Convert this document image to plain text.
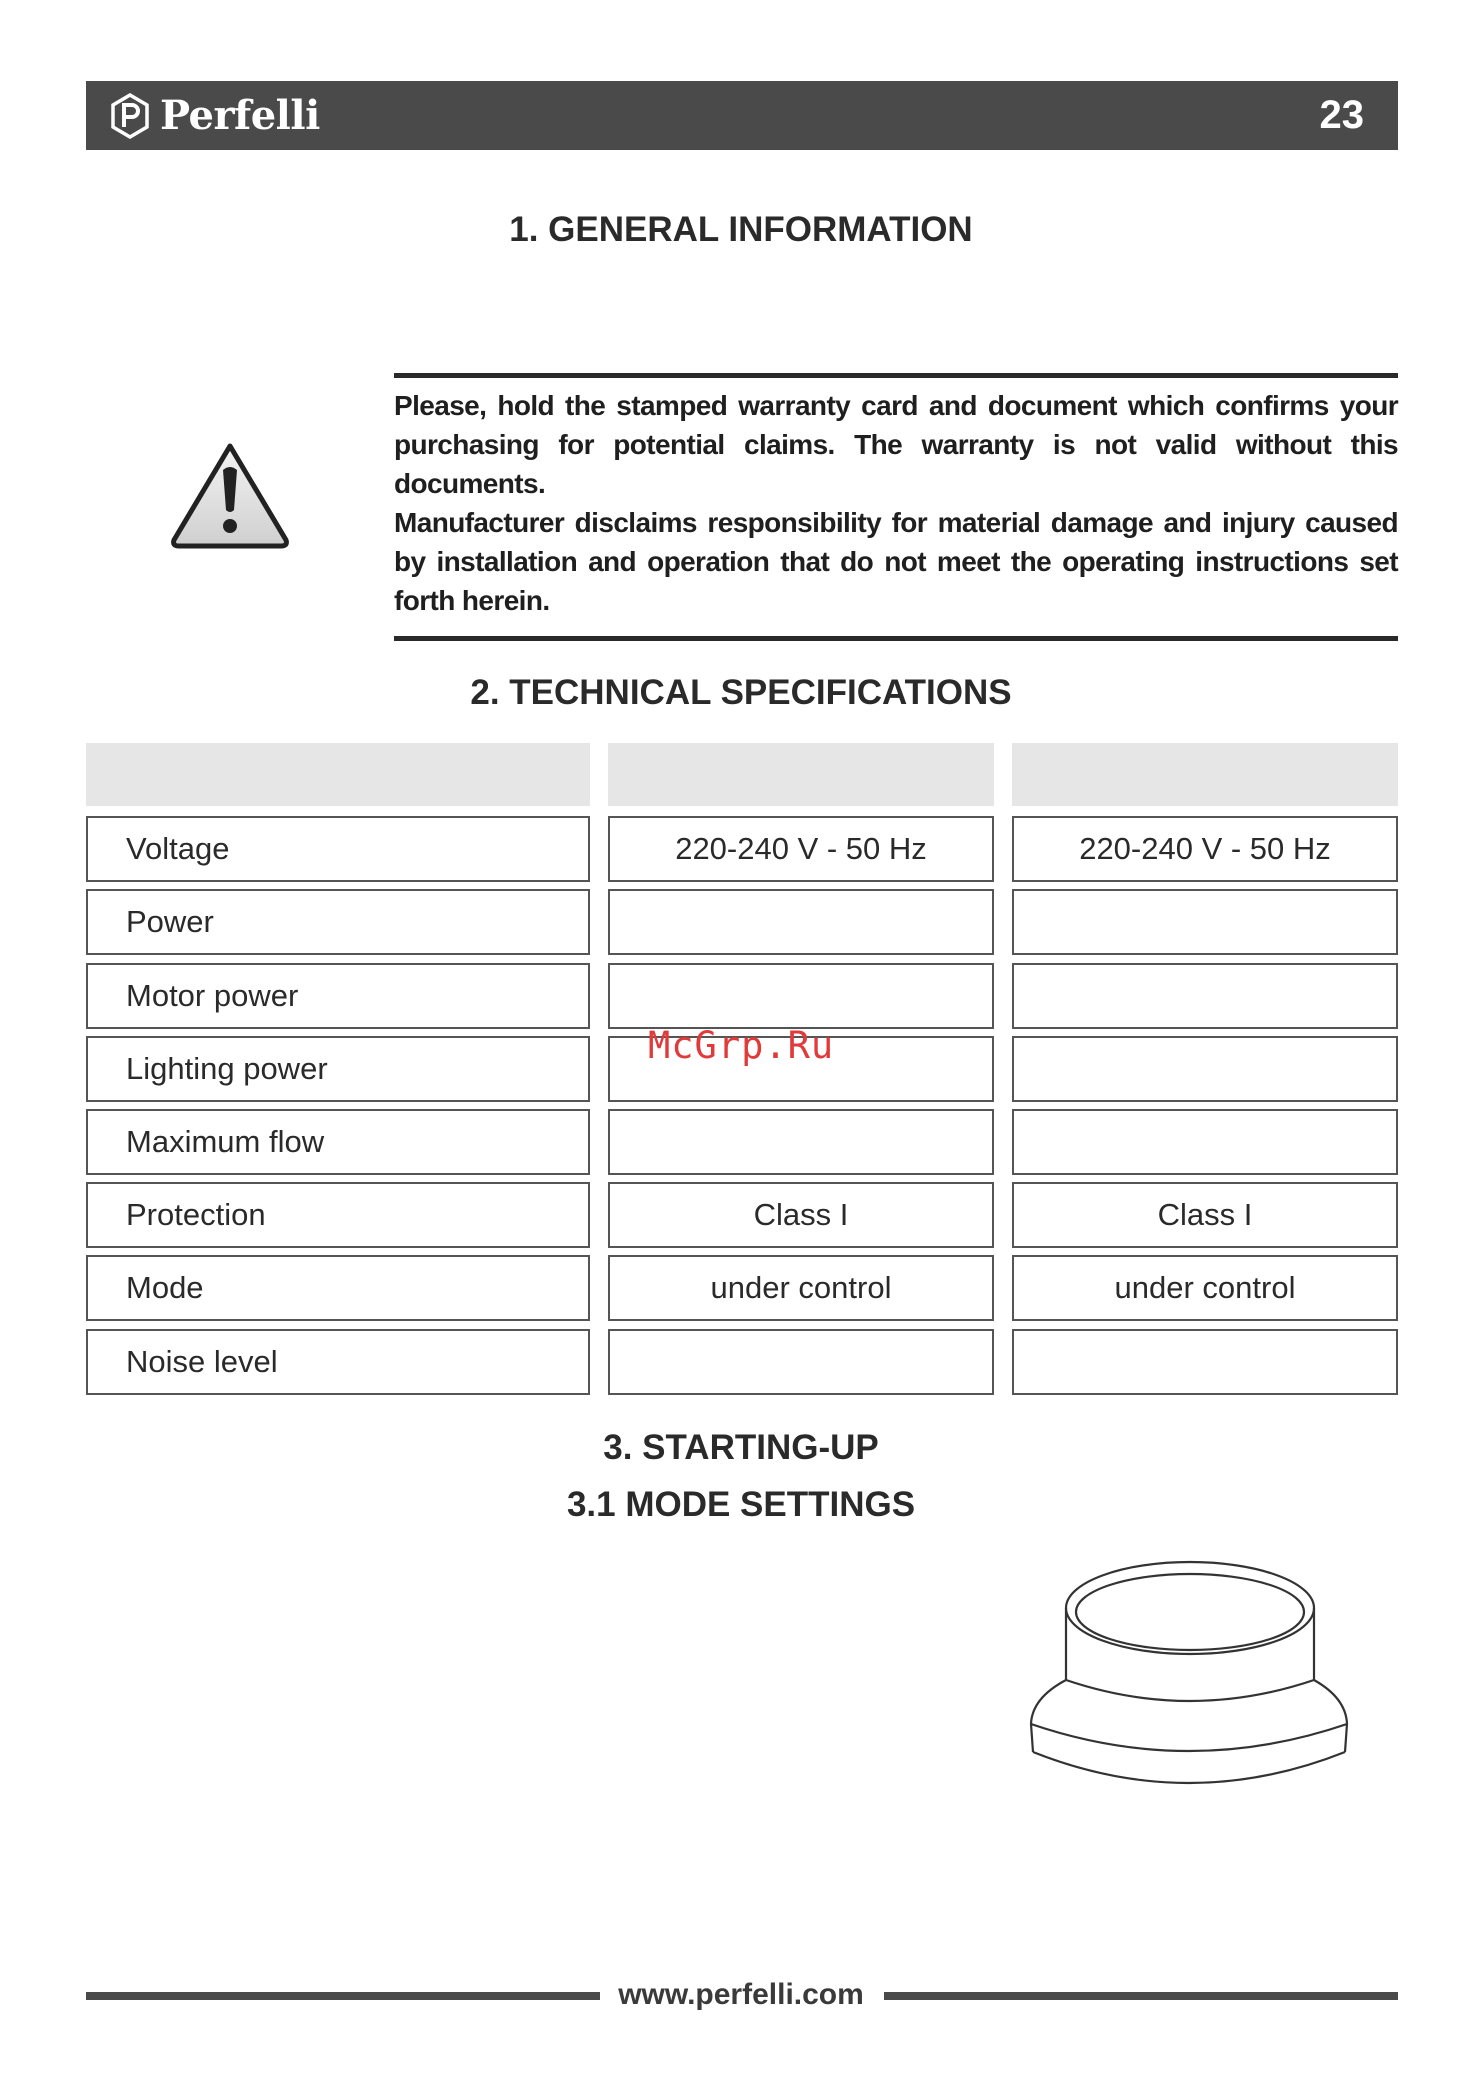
Perfelli	23
1. GENERAL INFORMATION

Please, hold the stamped warranty card and document which confirms your purchasing for potential claims. The warranty is not valid without this documents.

Manufacturer disclaims responsibility for material damage and injury caused by installation and operation that do not meet the operating instructions set forth herein.

2. TECHNICAL SPECIFICATIONS
Voltage	220-240 V - 50 Hz	220-240 V - 50 Hz
Power
Motor power
Lighting power
Maximum flow
Protection	Class I	Class I
Mode	under control	under control
Noise level
McGrp.Ru
3. STARTING-UP
3.1 MODE SETTINGS
www.perfelli.com
